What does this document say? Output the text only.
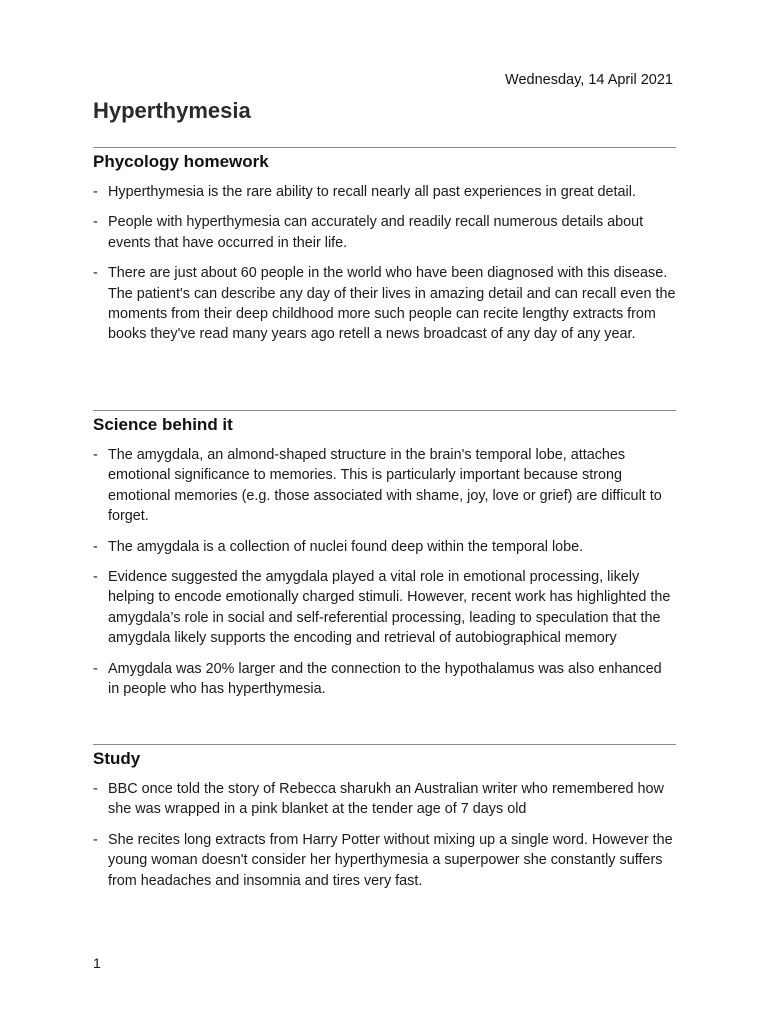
Wednesday, 14 April 2021
Hyperthymesia
Phycology homework
- Hyperthymesia is the rare ability to recall nearly all past experiences in great detail.
- People with hyperthymesia can accurately and readily recall numerous details about events that have occurred in their life.
- There are just about 60 people in the world who have been diagnosed with this disease. The patient's can describe any day of their lives in amazing detail and can recall even the moments from their deep childhood more such people can recite lengthy extracts from books they've read many years ago retell a news broadcast of any day of any year.
Science behind it
- The amygdala, an almond-shaped structure in the brain's temporal lobe, attaches emotional significance to memories. This is particularly important because strong emotional memories (e.g. those associated with shame, joy, love or grief) are difficult to forget.
- The amygdala is a collection of nuclei found deep within the temporal lobe.
- Evidence suggested the amygdala played a vital role in emotional processing, likely helping to encode emotionally charged stimuli. However, recent work has highlighted the amygdala’s role in social and self-referential processing, leading to speculation that the amygdala likely supports the encoding and retrieval of autobiographical memory
- Amygdala was 20% larger and the connection to the hypothalamus was also enhanced in people who has hyperthymesia.
Study
- BBC once told the story of Rebecca sharukh an Australian writer who remembered how she was wrapped in a pink blanket at the tender age of 7 days old
- She recites long extracts from Harry Potter without mixing up a single word. However the young woman doesn't consider her hyperthymesia a superpower she constantly suffers from headaches and insomnia and tires very fast.
1
